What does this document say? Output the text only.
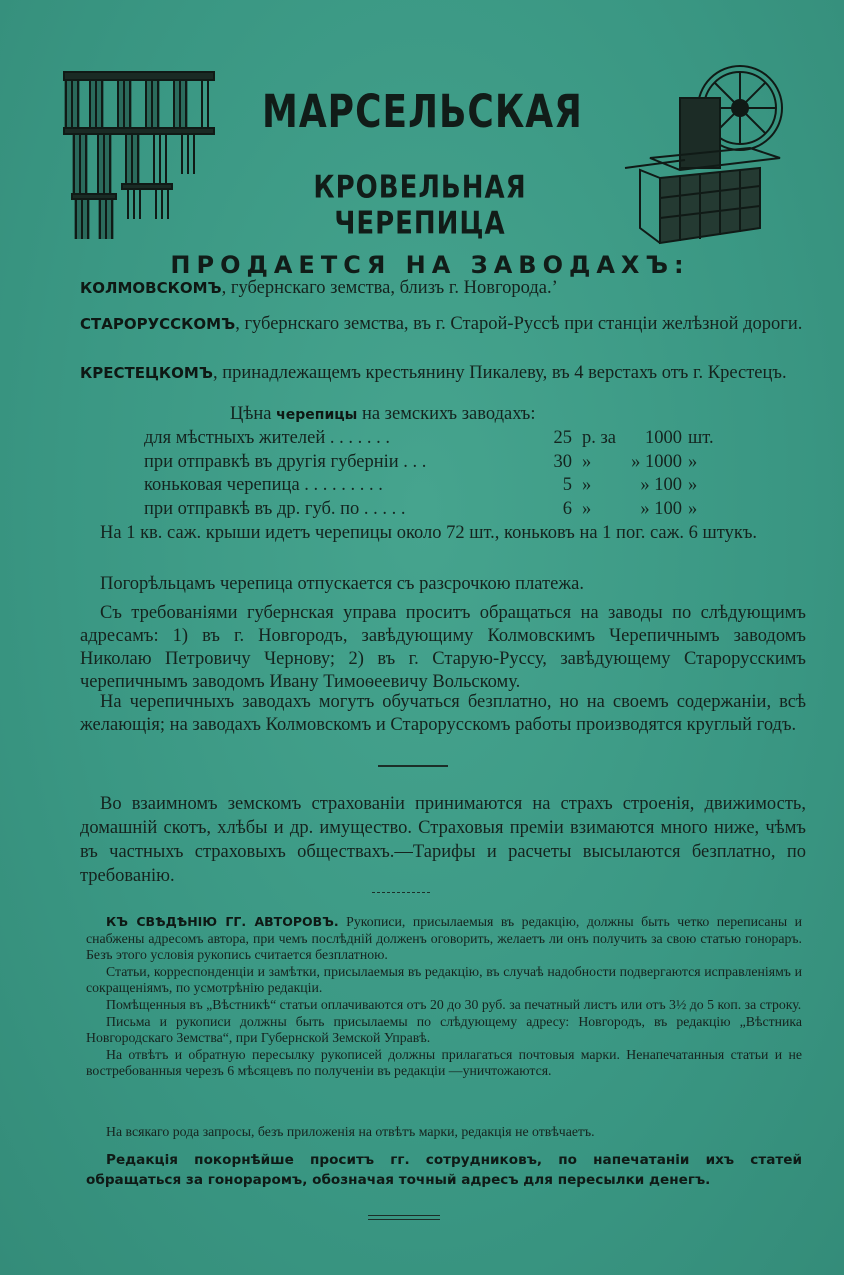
МАРСЕЛЬСКАЯ
КРОВЕЛЬНАЯ ЧЕРЕПИЦА
ПРОДАЕТСЯ НА ЗАВОДАХЪ:
КОЛМОВСКОМЪ, губернскаго земства, близъ г. Новгорода.’
СТАРОРУССКОМЪ, губернскаго земства, въ г. Старой-Руссѣ при станціи желѣзной дороги.
КРЕСТЕЦКОМЪ, принадлежащемъ крестьянину Пикалеву, въ 4 верстахъ отъ г. Крестецъ.
Цѣна черепицы на земскихъ заводахъ:
для мѣстныхъ жителей . . . . . . .	25 р. за	1000 шт.
при отправкѣ въ другія губерніи . . .	30 »	» 1000 »
коньковая черепица . . . . . . . . .	5 »	» 100 »
при отправкѣ въ др. губ. по . . . . .	6 »	» 100 »
На 1 кв. саж. крыши идетъ черепицы около 72 шт., коньковъ на 1 пог. саж. 6 штукъ.
Погорѣльцамъ черепица отпускается съ разсрочкою платежа.
Съ требованіями губернская управа проситъ обращаться на заводы по слѣдующимъ адресамъ: 1) въ г. Новгородъ, завѣдующиму Колмовскимъ Черепичнымъ заводомъ Николаю Петровичу Чернову; 2) въ г. Старую-Руссу, завѣдующему Старорусскимъ черепичнымъ заводомъ Ивану Тимоѳеевичу Вольскому.
На черепичныхъ заводахъ могутъ обучаться безплатно, но на своемъ содержаніи, всѣ желающія; на заводахъ Колмовскомъ и Старорусскомъ работы производятся круглый годъ.
Во взаимномъ земскомъ страхованіи принимаются на страхъ строенія, движимость, домашній скотъ, хлѣбы и др. имущество. Страховыя преміи взимаются много ниже, чѣмъ въ частныхъ страховыхъ обществахъ.—Тарифы и расчеты высылаются безплатно, по требованію.

КЪ СВѢДѢНІЮ ГГ. АВТОРОВЪ. Рукописи, присылаемыя въ редакцію, должны быть четко переписаны и снабжены адресомъ автора, при чемъ послѣдній долженъ оговорить, желаетъ ли онъ получить за свою статью гонораръ. Безъ этого условія рукопись считается безплатною.

Статьи, корреспонденціи и замѣтки, присылаемыя въ редакцію, въ случаѣ надобности подвергаются исправленіямъ и сокращеніямъ, по усмотрѣнію редакціи.

Помѣщенныя въ „Вѣстникѣ“ статьи оплачиваются отъ 20 до 30 руб. за печатный листъ или отъ 3½ до 5 коп. за строку.

Письма и рукописи должны быть присылаемы по слѣдующему адресу: Новгородъ, въ редакцію „Вѣстника Новгородскаго Земства“, при Губернской Земской Управѣ.

На отвѣтъ и обратную пересылку рукописей должны прилагаться почтовыя марки. Ненапечатанныя статьи и не востребованныя черезъ 6 мѣсяцевъ по полученіи въ редакціи —уничтожаются.

На всякаго рода запросы, безъ приложенія на отвѣтъ марки, редакція не отвѣчаетъ.

Редакція покорнѣйше проситъ гг. сотрудниковъ, по напечатаніи ихъ статей обращаться за гонораромъ, обозначая точный адресъ для пересылки денегъ.
